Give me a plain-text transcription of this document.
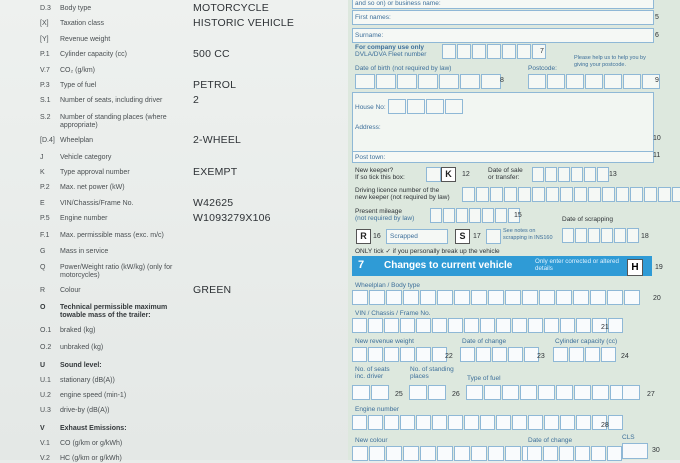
D.3	Body type	MOTORCYCLE
[X]	Taxation class	HISTORIC VEHICLE
[Y]	Revenue weight
P.1	Cylinder capacity (cc)	500 CC
V.7	CO₂ (g/km)
P.3	Type of fuel	PETROL
S.1	Number of seats, including driver	2
S.2	Number of standing places (where appropriate)
[D.4] Wheelplan	2-WHEEL
J	Vehicle category
K	Type approval number	EXEMPT
P.2	Max. net power (kW)
E	VIN/Chassis/Frame No.	W42625
P.5	Engine number	W1093279X106
F.1	Max. permissible mass (exc. m/c)
G	Mass in service
Q	Power/Weight ratio (kW/kg) (only for motorcycles)
R	Colour	GREEN
O	Technical permissible maximum towable mass of the trailer:
O.1	braked (kg)
O.2	unbraked (kg)
U	Sound level:
U.1	stationary (dB(A))
U.2	engine speed (min-1)
U.3	drive-by (dB(A))
V	Exhaust Emissions:
V.1	CO (g/km or g/kWh)
V.2	HC (g/km or g/kWh)
and so on) or business name:
First names:	5
Surname:	6
For company use only
DVLA/DVA Fleet number	7
Please help us to help you by giving your postcode.
Date of birth (not required by law)
8
Postcode:
9
House No:
Address:
10
Post town:	11
New keeper?
If so tick this box:	K	12
Date of sale
or transfer:	13
Driving licence number of the
new keeper (not required by law)
Present mileage
(not required by law)	15
Date of scrapping
R 16 Scrapped	S	17
See notes on scrapping in INS160	18
ONLY tick ✓ if you personally break up the vehicle
7 Changes to current vehicle	Only enter corrected or altered details	H	19
Wheelplan / Body type
20
VIN / Chassis / Frame No.
21
New revenue weight
22
Date of change
23
Cylinder capacity (cc)
24
No. of seats inc. driver
25
No. of standing places
26
Type of fuel
27
Engine number
28
New colour	Date of change	CLS
30
